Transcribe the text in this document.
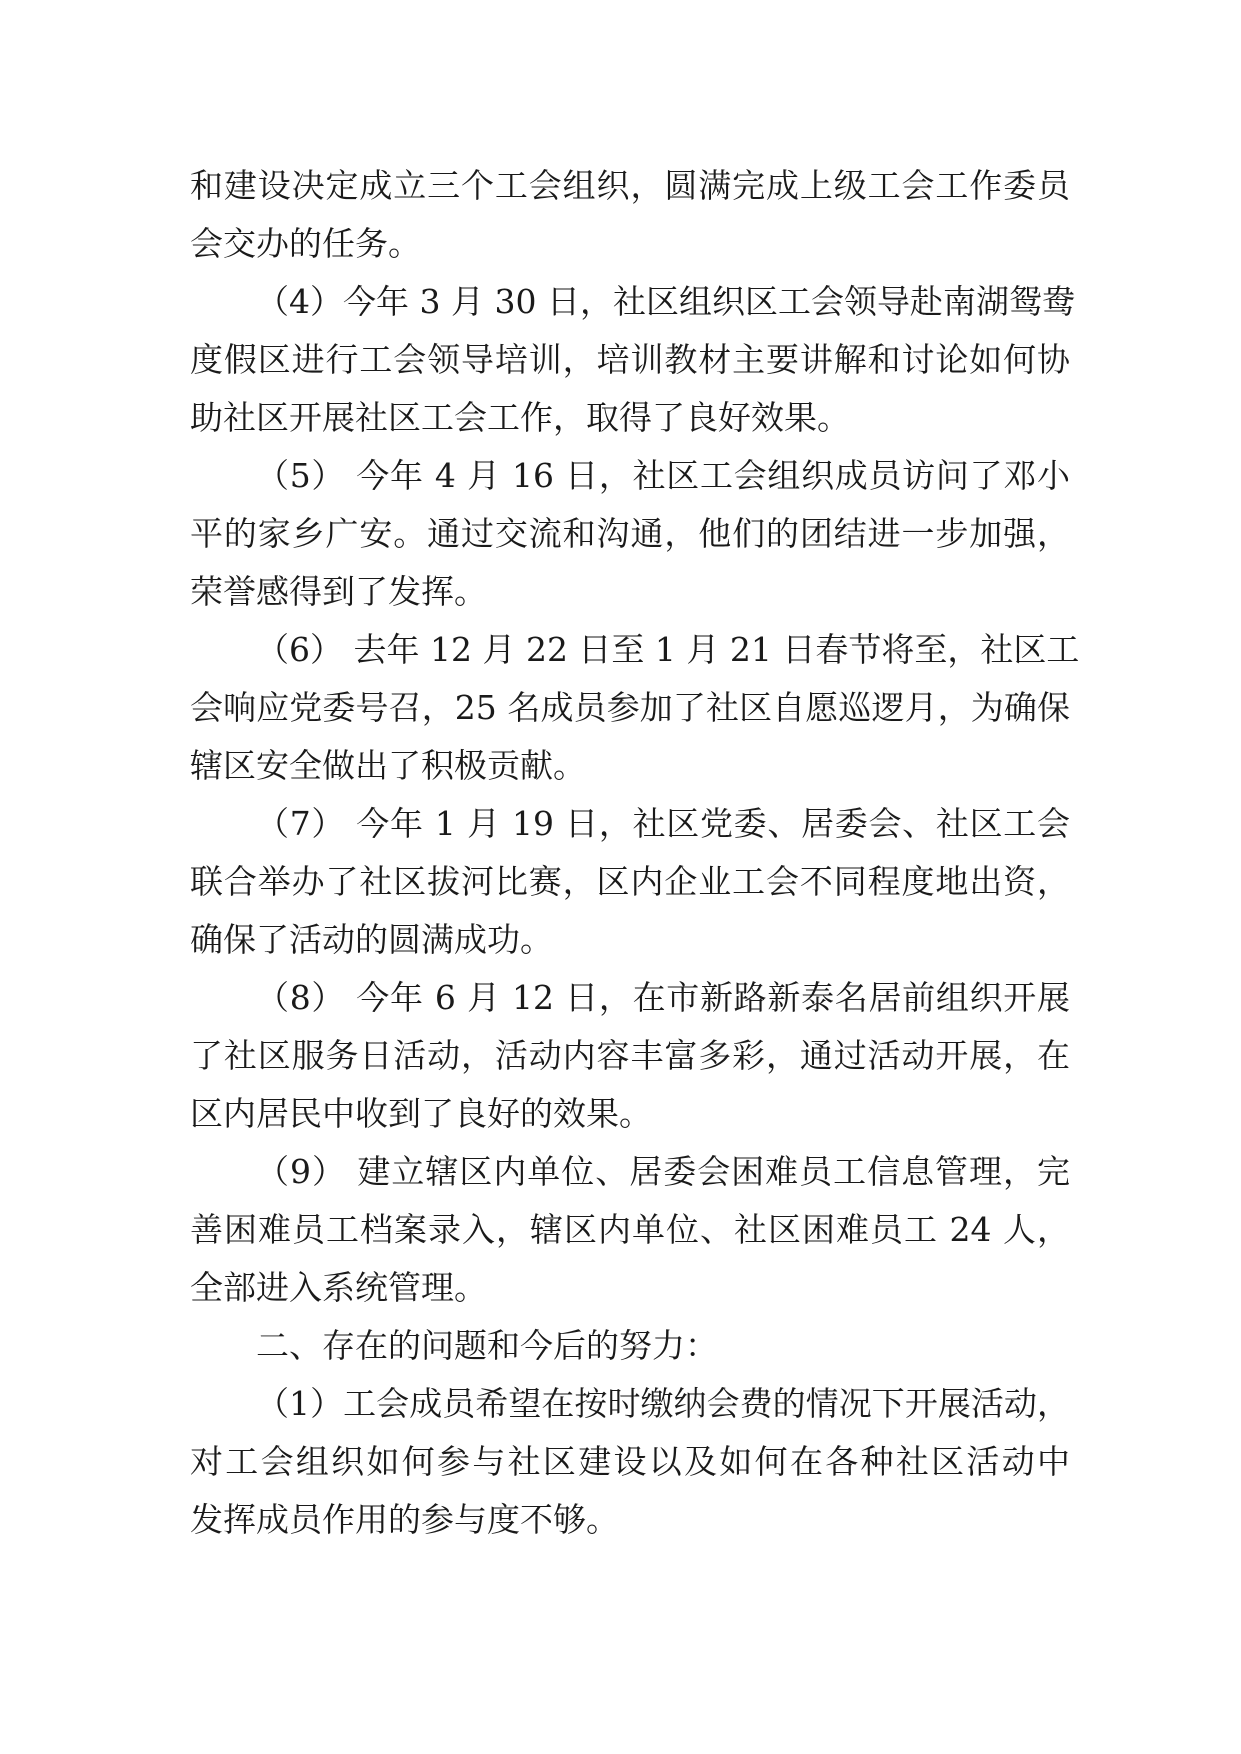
和建设决定成立三个工会组织，圆满完成上级工会工作委员

会交办的任务。

（4）今年 3 月 30 日，社区组织区工会领导赴南湖鸳鸯

度假区进行工会领导培训，培训教材主要讲解和讨论如何协

助社区开展社区工会工作，取得了良好效果。

（5） 今年 4 月 16 日，社区工会组织成员访问了邓小

平的家乡广安。通过交流和沟通，他们的团结进一步加强，

荣誉感得到了发挥。

（6） 去年 12 月 22 日至 1 月 21 日春节将至，社区工

会响应党委号召，25 名成员参加了社区自愿巡逻月，为确保

辖区安全做出了积极贡献。

（7） 今年 1 月 19 日，社区党委、居委会、社区工会

联合举办了社区拔河比赛，区内企业工会不同程度地出资，

确保了活动的圆满成功。

（8） 今年 6 月 12 日，在市新路新泰名居前组织开展

了社区服务日活动，活动内容丰富多彩，通过活动开展，在

区内居民中收到了良好的效果。

（9） 建立辖区内单位、居委会困难员工信息管理，完

善困难员工档案录入，辖区内单位、社区困难员工 24 人，

全部进入系统管理。

二、存在的问题和今后的努力：

（1）工会成员希望在按时缴纳会费的情况下开展活动，

对工会组织如何参与社区建设以及如何在各种社区活动中

发挥成员作用的参与度不够。
